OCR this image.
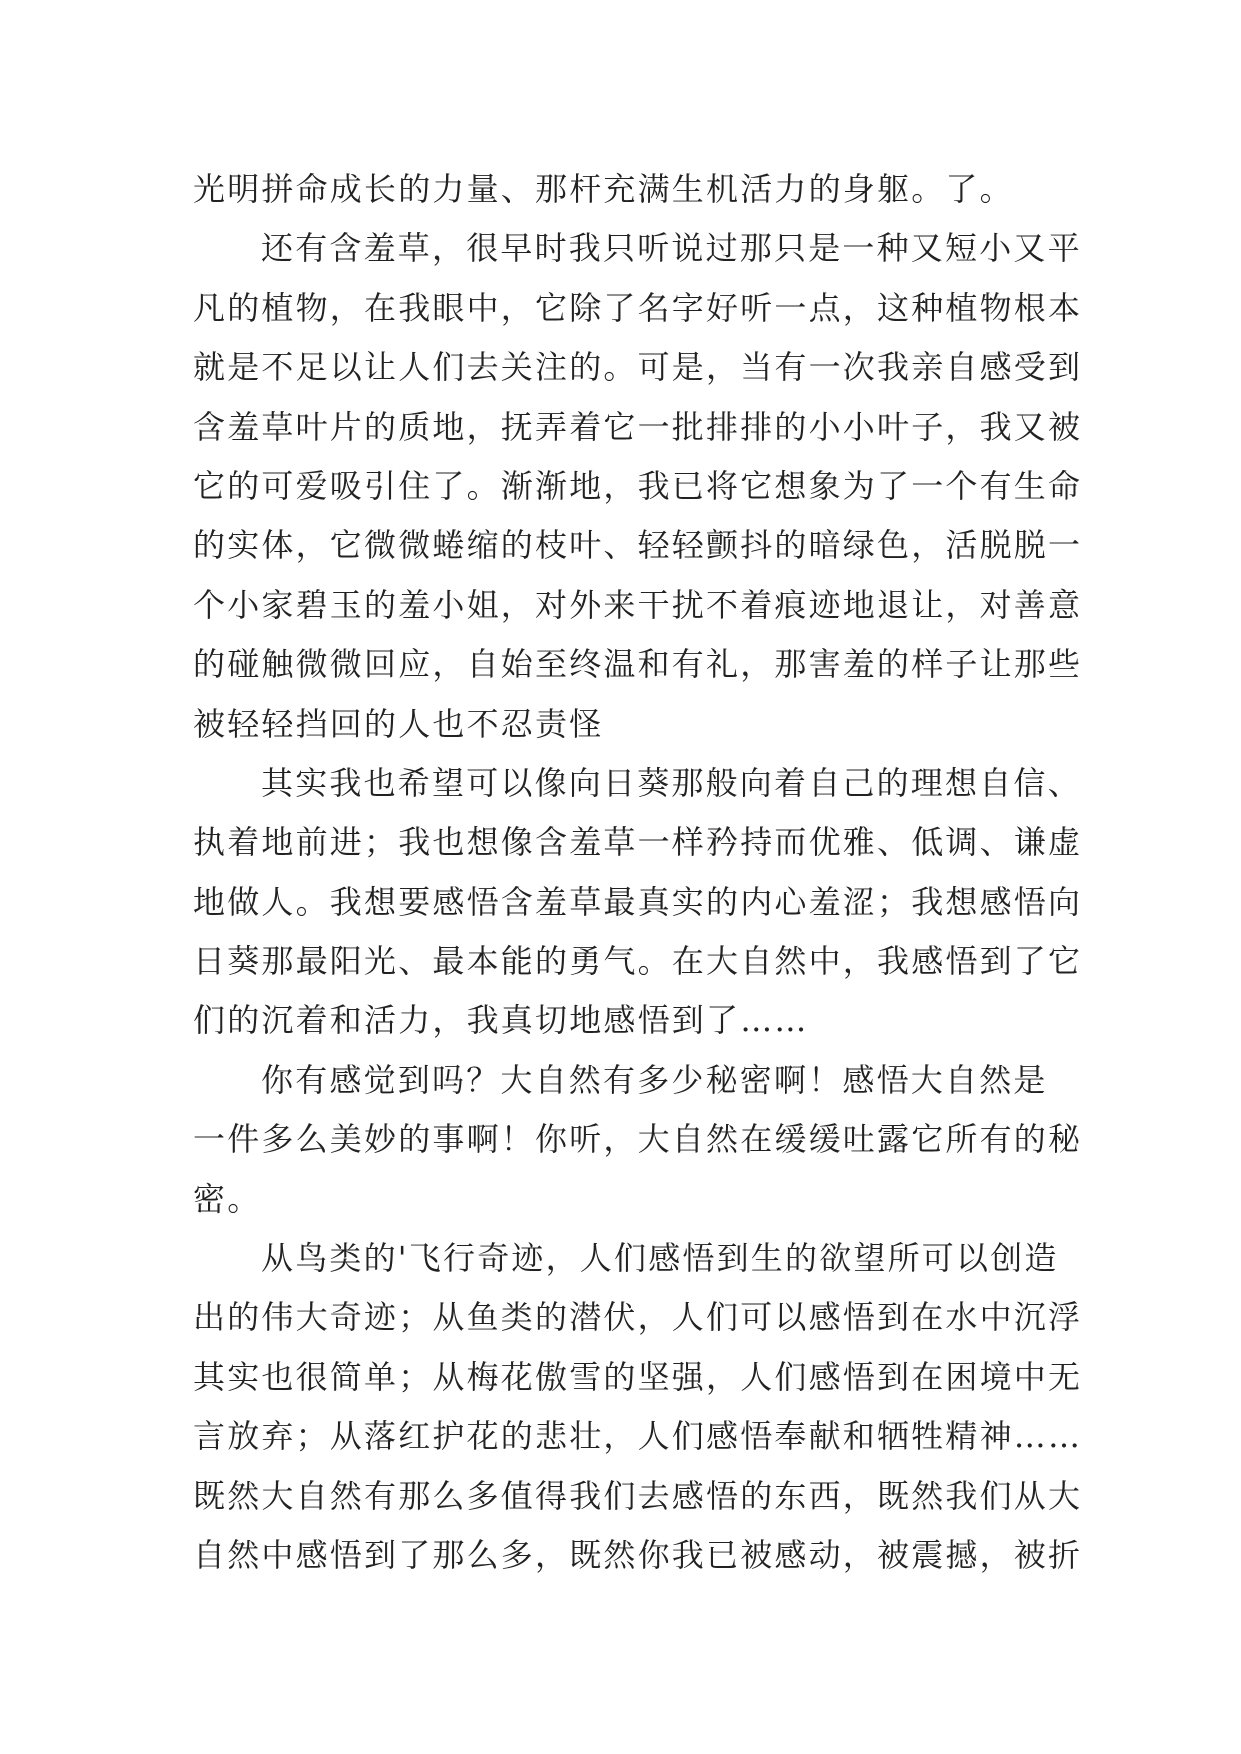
光明拼命成长的力量、那杆充满生机活力的身躯。了。
还有含羞草，很早时我只听说过那只是一种又短小又平
凡的植物，在我眼中，它除了名字好听一点，这种植物根本
就是不足以让人们去关注的。可是，当有一次我亲自感受到
含羞草叶片的质地，抚弄着它一批排排的小小叶子，我又被
它的可爱吸引住了。渐渐地，我已将它想象为了一个有生命
的实体，它微微蜷缩的枝叶、轻轻颤抖的暗绿色，活脱脱一
个小家碧玉的羞小姐，对外来干扰不着痕迹地退让，对善意
的碰触微微回应，自始至终温和有礼，那害羞的样子让那些
被轻轻挡回的人也不忍责怪
其实我也希望可以像向日葵那般向着自己的理想自信、
执着地前进；我也想像含羞草一样矜持而优雅、低调、谦虚
地做人。我想要感悟含羞草最真实的内心羞涩；我想感悟向
日葵那最阳光、最本能的勇气。在大自然中，我感悟到了它
们的沉着和活力，我真切地感悟到了……
你有感觉到吗？大自然有多少秘密啊！感悟大自然是
一件多么美妙的事啊！你听，大自然在缓缓吐露它所有的秘
密。
从鸟类的'飞行奇迹，人们感悟到生的欲望所可以创造
出的伟大奇迹；从鱼类的潜伏，人们可以感悟到在水中沉浮
其实也很简单；从梅花傲雪的坚强，人们感悟到在困境中无
言放弃；从落红护花的悲壮，人们感悟奉献和牺牲精神……
既然大自然有那么多值得我们去感悟的东西，既然我们从大
自然中感悟到了那么多，既然你我已被感动，被震撼，被折
